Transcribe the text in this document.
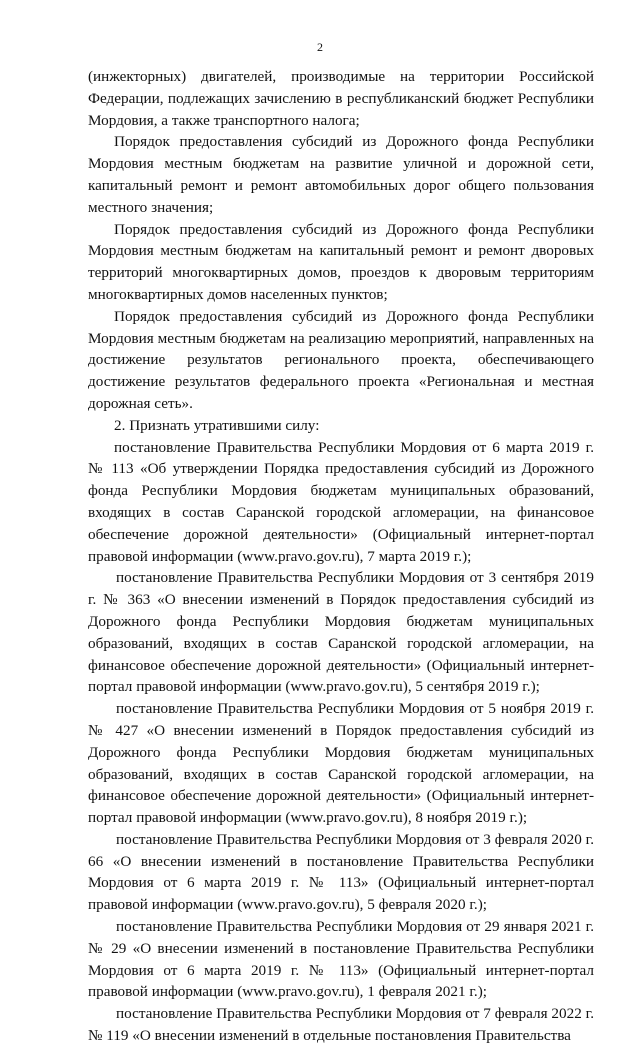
2

(инжекторных) двигателей, производимые на территории Российской Федерации, подлежащих зачислению в республиканский бюджет Республики Мордовия, а также транспортного налога;

Порядок предоставления субсидий из Дорожного фонда Республики Мордовия местным бюджетам на развитие уличной и дорожной сети, капитальный ремонт и ремонт автомобильных дорог общего пользования местного значения;

Порядок предоставления субсидий из Дорожного фонда Республики Мордовия местным бюджетам на капитальный ремонт и ремонт дворовых территорий многоквартирных домов, проездов к дворовым территориям многоквартирных домов населенных пунктов;

Порядок предоставления субсидий из Дорожного фонда Республики Мордовия местным бюджетам на реализацию мероприятий, направленных на достижение результатов регионального проекта, обеспечивающего достижение результатов федерального проекта «Региональная и местная дорожная сеть».

2. Признать утратившими силу:

постановление Правительства Республики Мордовия от 6 марта 2019 г. № 113 «Об утверждении Порядка предоставления субсидий из Дорожного фонда Республики Мордовия бюджетам муниципальных образований, входящих в состав Саранской городской агломерации, на финансовое обеспечение дорожной деятельности» (Официальный интернет-портал правовой информации (www.pravo.gov.ru), 7 марта 2019 г.);

постановление Правительства Республики Мордовия от 3 сентября 2019 г. № 363 «О внесении изменений в Порядок предоставления субсидий из Дорожного фонда Республики Мордовия бюджетам муниципальных образований, входящих в состав Саранской городской агломерации, на финансовое обеспечение дорожной деятельности» (Официальный интернет-портал правовой информации (www.pravo.gov.ru), 5 сентября 2019 г.);

постановление Правительства Республики Мордовия от 5 ноября 2019 г. № 427 «О внесении изменений в Порядок предоставления субсидий из Дорожного фонда Республики Мордовия бюджетам муниципальных образований, входящих в состав Саранской городской агломерации, на финансовое обеспечение дорожной деятельности» (Официальный интернет-портал правовой информации (www.pravo.gov.ru), 8 ноября 2019 г.);

постановление Правительства Республики Мордовия от 3 февраля 2020 г. 66 «О внесении изменений в постановление Правительства Республики Мордовия от 6 марта 2019 г. № 113» (Официальный интернет-портал правовой информации (www.pravo.gov.ru), 5 февраля 2020 г.);

постановление Правительства Республики Мордовия от 29 января 2021 г. № 29 «О внесении изменений в постановление Правительства Республики Мордовия от 6 марта 2019 г. № 113» (Официальный интернет-портал правовой информации (www.pravo.gov.ru), 1 февраля 2021 г.);

постановление Правительства Республики Мордовия от 7 февраля 2022 г. № 119 «О внесении изменений в отдельные постановления Правительства
